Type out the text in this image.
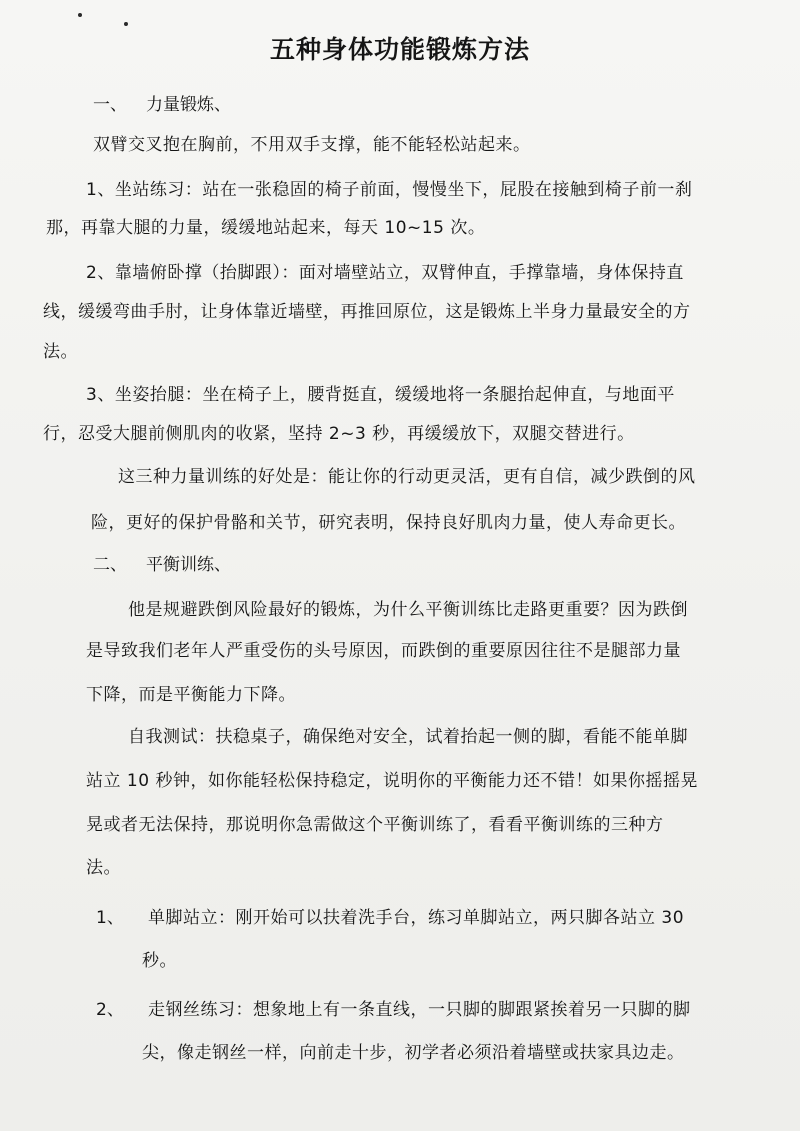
五种身体功能锻炼方法
一、 力量锻炼、
双臂交叉抱在胸前，不用双手支撑，能不能轻松站起来。
1、坐站练习：站在一张稳固的椅子前面，慢慢坐下，屁股在接触到椅子前一刹
那，再靠大腿的力量，缓缓地站起来，每天 10~15 次。
2、靠墙俯卧撑（抬脚跟）：面对墙壁站立，双臂伸直，手撑靠墙，身体保持直
线，缓缓弯曲手肘，让身体靠近墙壁，再推回原位，这是锻炼上半身力量最安全的方
法。
3、坐姿抬腿：坐在椅子上，腰背挺直，缓缓地将一条腿抬起伸直，与地面平
行，忍受大腿前侧肌肉的收紧，坚持 2~3 秒，再缓缓放下，双腿交替进行。
这三种力量训练的好处是：能让你的行动更灵活，更有自信，减少跌倒的风
险，更好的保护骨骼和关节，研究表明，保持良好肌肉力量，使人寿命更长。
二、 平衡训练、
他是规避跌倒风险最好的锻炼，为什么平衡训练比走路更重要？因为跌倒
是导致我们老年人严重受伤的头号原因，而跌倒的重要原因往往不是腿部力量
下降，而是平衡能力下降。
自我测试：扶稳桌子，确保绝对安全，试着抬起一侧的脚，看能不能单脚
站立 10 秒钟，如你能轻松保持稳定，说明你的平衡能力还不错！如果你摇摇晃
晃或者无法保持，那说明你急需做这个平衡训练了，看看平衡训练的三种方
法。
1、 单脚站立：刚开始可以扶着洗手台，练习单脚站立，两只脚各站立 30
秒。
2、 走钢丝练习：想象地上有一条直线，一只脚的脚跟紧挨着另一只脚的脚
尖，像走钢丝一样，向前走十步，初学者必须沿着墙壁或扶家具边走。
